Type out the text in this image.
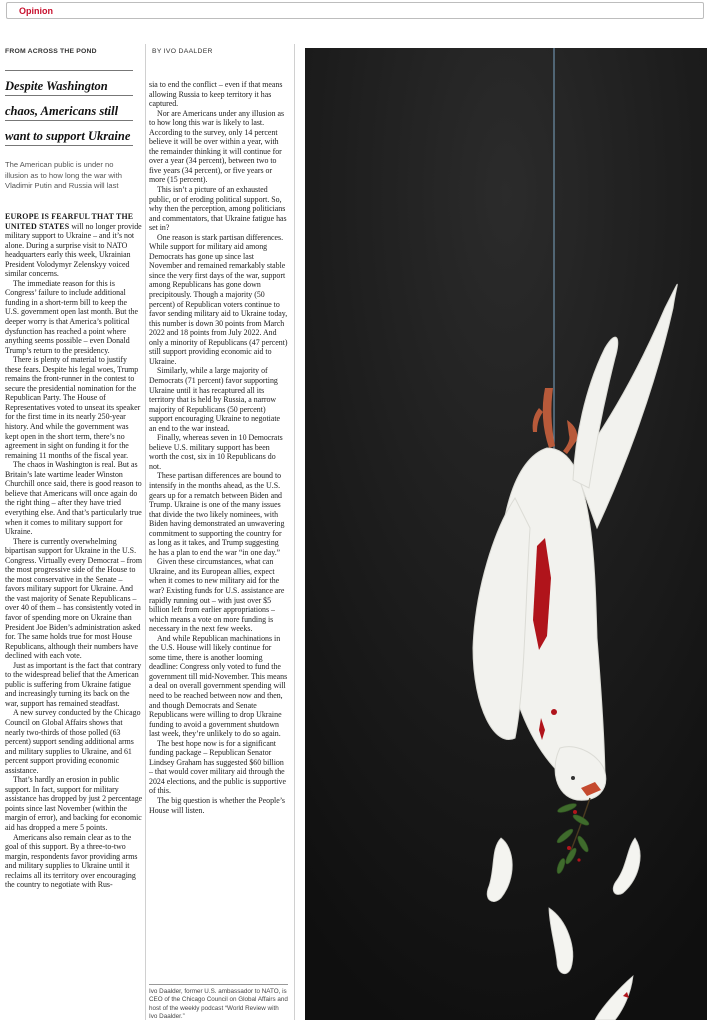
Opinion
FROM ACROSS THE POND	BY IVO DAALDER
Despite Washington
chaos, Americans still
want to support Ukraine
The American public is under no illusion as to how long the war with Vladimir Putin and Russia will last

EUROPE IS FEARFUL THAT THE UNITED STATES will no longer provide military support to Ukraine – and it’s not alone. During a surprise visit to NATO headquarters early this week, Ukrainian President Volodymyr Zelenskyy voiced similar concerns.

The immediate reason for this is Congress’ failure to include additional funding in a short-term bill to keep the U.S. government open last month. But the deeper worry is that America’s political dysfunction has reached a point where anything seems possible – even Donald Trump’s return to the presidency.

There is plenty of material to justify these fears. Despite his legal woes, Trump remains the front-runner in the contest to secure the presidential nomination for the Republican Party. The House of Representatives voted to unseat its speaker for the first time in its nearly 250-year history. And while the government was kept open in the short term, there’s no agreement in sight on funding it for the remaining 11 months of the fiscal year.

The chaos in Washington is real. But as Britain’s late wartime leader Winston Churchill once said, there is good reason to believe that Americans will once again do the right thing – after they have tried everything else. And that’s particularly true when it comes to military support for Ukraine.

There is currently overwhelming bipartisan support for Ukraine in the U.S. Congress. Virtually every Democrat – from the most progressive side of the House to the most conservative in the Senate – favors military support for Ukraine. And the vast majority of Senate Republicans – over 40 of them – has consistently voted in favor of spending more on Ukraine than President Joe Biden’s administration asked for. The same holds true for most House Republicans, although their numbers have declined with each vote.

Just as important is the fact that contrary to the widespread belief that the American public is suffering from Ukraine fatigue and increasingly turning its back on the war, support has remained steadfast.

A new survey conducted by the Chicago Council on Global Affairs shows that nearly two-thirds of those polled (63 percent) support sending additional arms and military supplies to Ukraine, and 61 percent support providing economic assistance.

That’s hardly an erosion in public support. In fact, support for military assistance has dropped by just 2 percentage points since last November (within the margin of error), and backing for economic aid has dropped a mere 5 points.

Americans also remain clear as to the goal of this support. By a three-to-two margin, respondents favor providing arms and military supplies to Ukraine until it reclaims all its territory over encouraging the country to negotiate with Rus-

sia to end the conflict – even if that means allowing Russia to keep territory it has captured.

Nor are Americans under any illusion as to how long this war is likely to last. According to the survey, only 14 percent believe it will be over within a year, with the remainder thinking it will continue for over a year (34 percent), between two to five years (34 percent), or five years or more (15 percent).

This isn’t a picture of an exhausted public, or of eroding political support. So, why then the perception, among politicians and commentators, that Ukraine fatigue has set in?

One reason is stark partisan differences. While support for military aid among Democrats has gone up since last November and remained remarkably stable since the very first days of the war, support among Republicans has gone down precipitously. Though a majority (50 percent) of Republican voters continue to favor sending military aid to Ukraine today, this number is down 30 points from March 2022 and 18 points from July 2022. And only a minority of Republicans (47 percent) still support providing economic aid to Ukraine.

Similarly, while a large majority of Democrats (71 percent) favor supporting Ukraine until it has recaptured all its territory that is held by Russia, a narrow majority of Republicans (50 percent) support encouraging Ukraine to negotiate an end to the war instead.

Finally, whereas seven in 10 Democrats believe U.S. military support has been worth the cost, six in 10 Republicans do not.

These partisan differences are bound to intensify in the months ahead, as the U.S. gears up for a rematch between Biden and Trump. Ukraine is one of the many issues that divide the two likely nominees, with Biden having demonstrated an unwavering commitment to supporting the country for as long as it takes, and Trump suggesting he has a plan to end the war “in one day.”

Given these circumstances, what can Ukraine, and its European allies, expect when it comes to new military aid for the war? Existing funds for U.S. assistance are rapidly running out – with just over $5 billion left from earlier appropriations – which means a vote on more funding is necessary in the next few weeks.

And while Republican machinations in the U.S. House will likely continue for some time, there is another looming deadline: Congress only voted to fund the government till mid-November. This means a deal on overall government spending will need to be reached between now and then, and though Democrats and Senate Republicans were willing to drop Ukraine funding to avoid a government shutdown last week, they’re unlikely to do so again.

The best hope now is for a significant funding package – Republican Senator Lindsey Graham has suggested $60 billion – that would cover military aid through the 2024 elections, and the public is supportive of this.

The big question is whether the People’s House will listen.

Ivo Daalder, former U.S. ambassador to NATO, is CEO of the Chicago Council on Global Affairs and host of the weekly podcast “World Review with Ivo Daalder.”
